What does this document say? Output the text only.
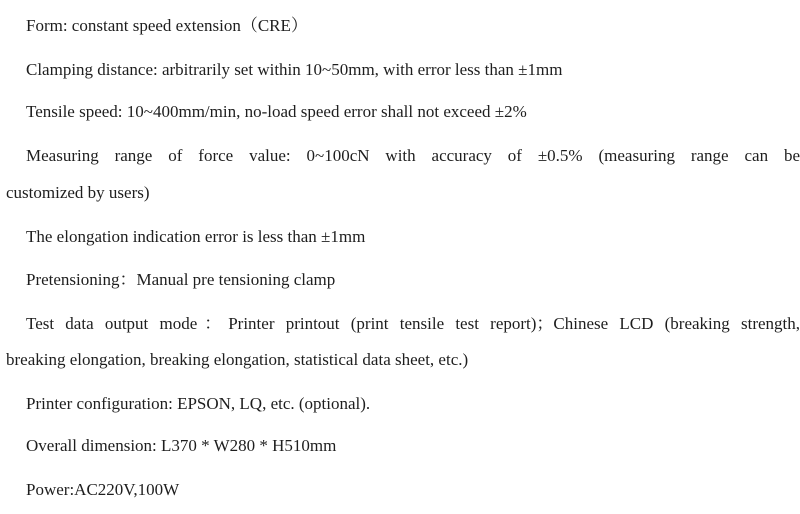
Form: constant speed extension（CRE）
Clamping distance: arbitrarily set within 10~50mm, with error less than ±1mm
Tensile speed: 10~400mm/min, no-load speed error shall not exceed ±2%
Measuring range of force value: 0~100cN with accuracy of ±0.5% (measuring range can be
customized by users)
The elongation indication error is less than ±1mm
Pretensioning：Manual pre tensioning clamp
Test data output mode：Printer printout (print tensile test report)；Chinese LCD (breaking strength,
breaking elongation, breaking elongation, statistical data sheet, etc.)
Printer configuration: EPSON, LQ, etc. (optional).
Overall dimension: L370 * W280 * H510mm
Power:AC220V,100W
